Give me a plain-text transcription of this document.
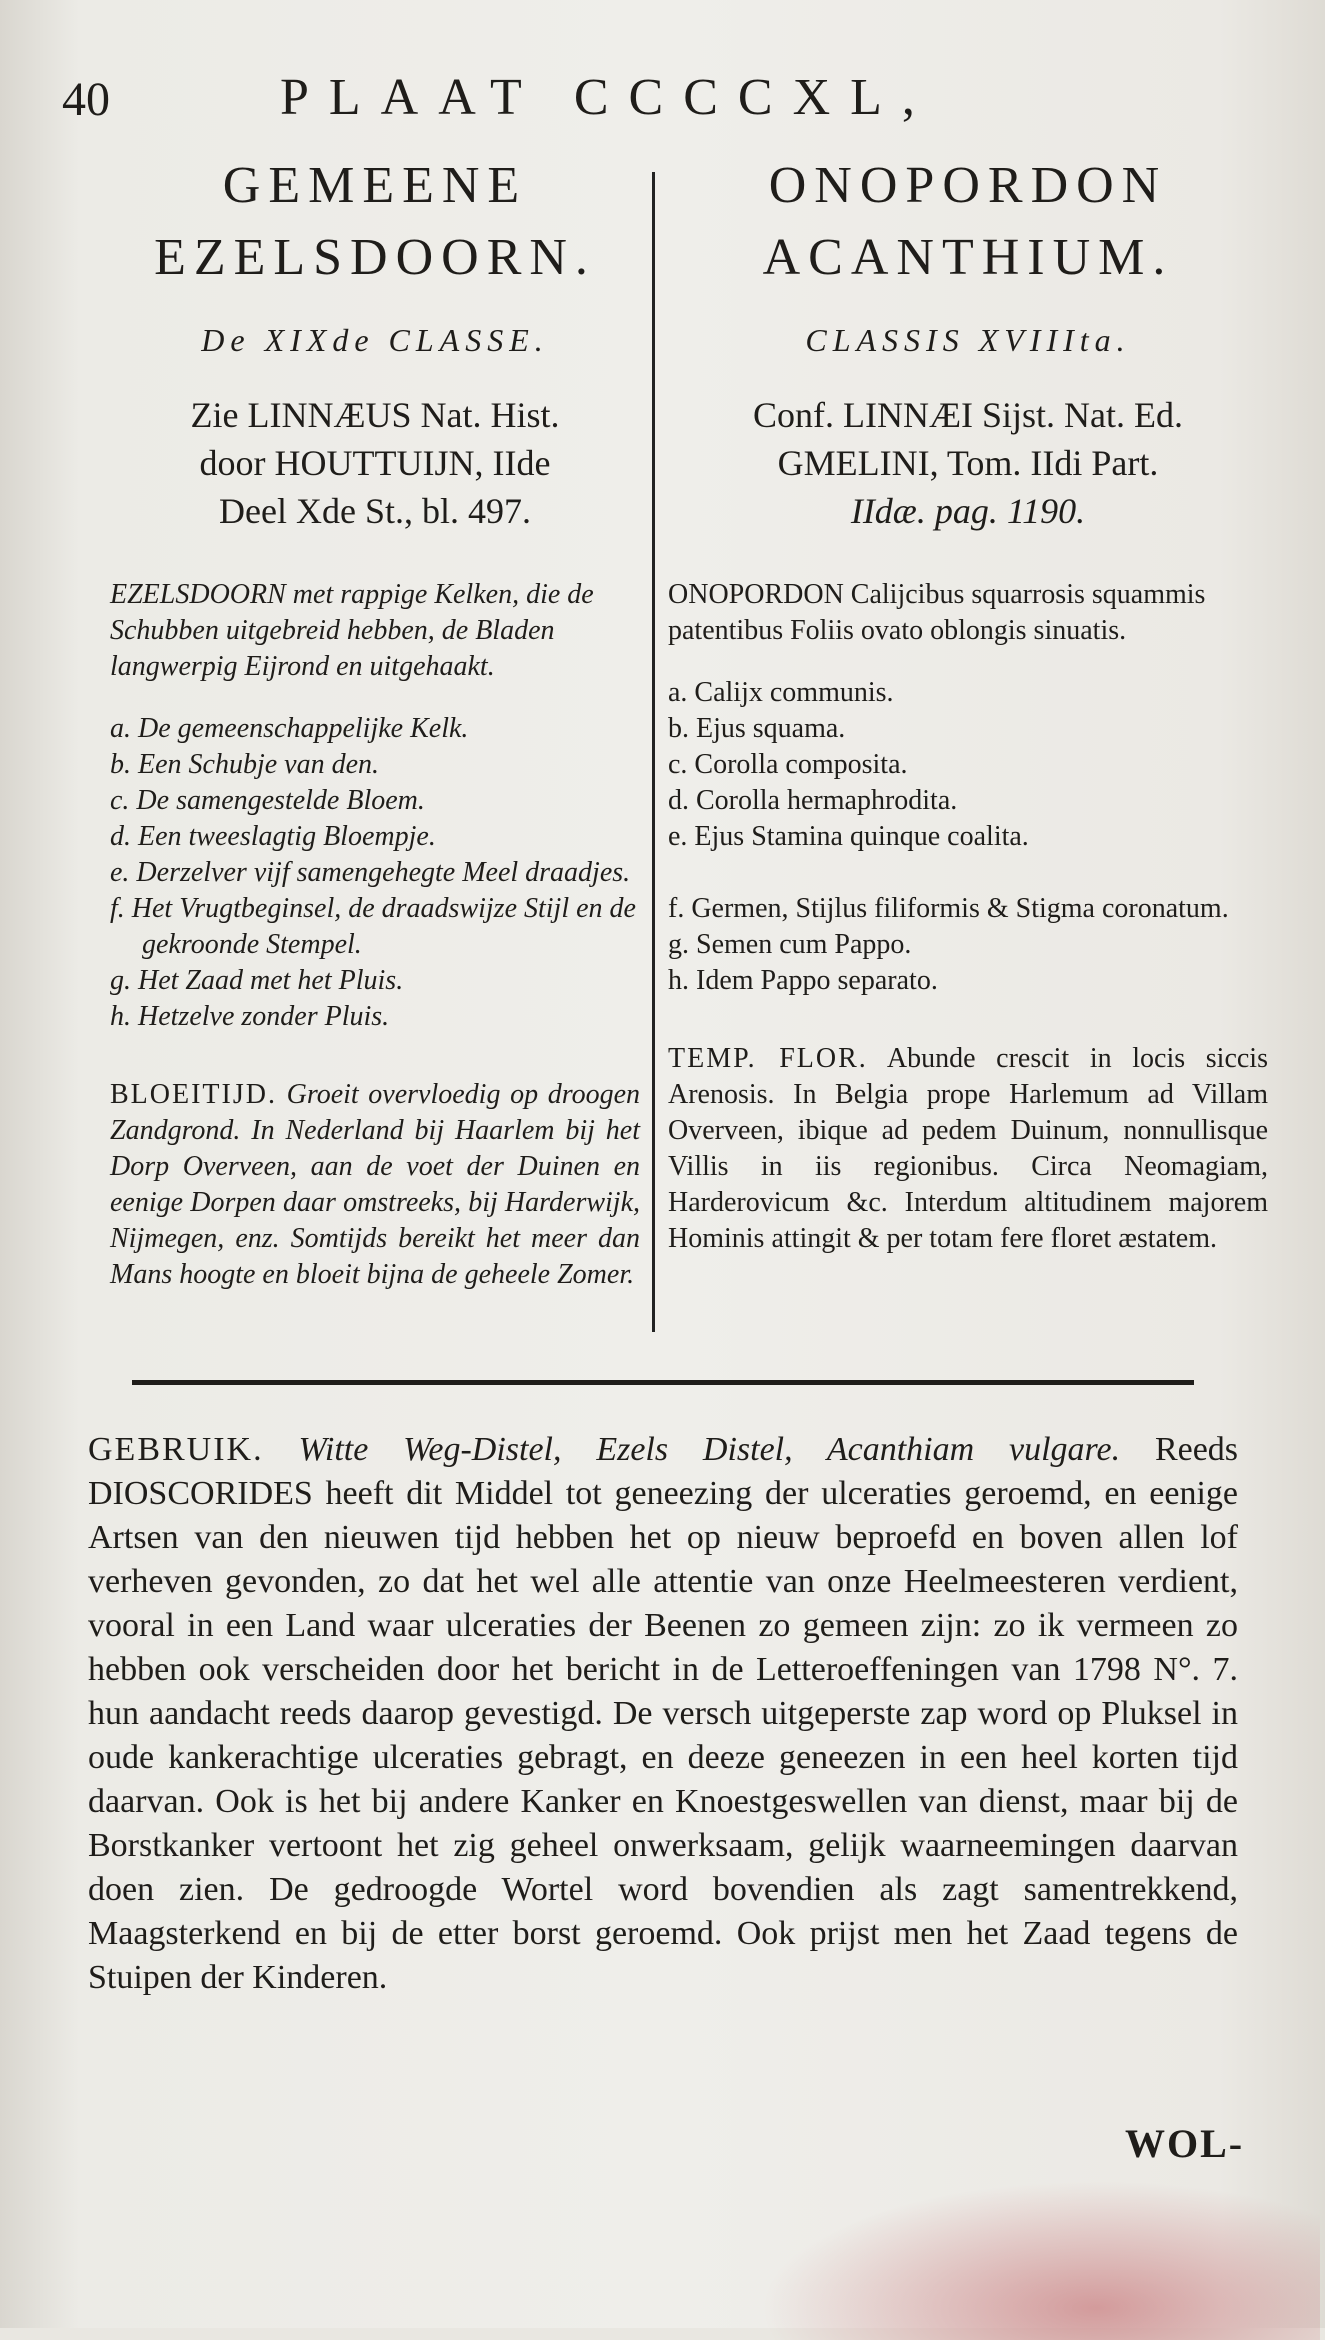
40	PLAAT CCCCXL,

GEMEENE

EZELSDOORN.

De XIXde CLASSE.
Zie LINNÆUS Nat. Hist.
door HOUTTUIJN, IIde
Deel Xde St., bl. 497.
EZELSDOORN met rappige Kelken, die de Schubben uitgebreid hebben, de Bladen langwerpig Eijrond en uitgehaakt.
a. De gemeenschappelijke Kelk.
b. Een Schubje van den.
c. De samengestelde Bloem.
d. Een tweeslagtig Bloempje.
e. Derzelver vijf samengehegte Meel draadjes.
f. Het Vrugtbeginsel, de draadswijze Stijl en de gekroonde Stempel.
g. Het Zaad met het Pluis.
h. Hetzelve zonder Pluis.
BLOEITIJD. Groeit overvloedig op droogen Zandgrond. In Nederland bij Haarlem bij het Dorp Overveen, aan de voet der Duinen en eenige Dorpen daar omstreeks, bij Harderwijk, Nijmegen, enz. Somtijds bereikt het meer dan Mans hoogte en bloeit bijna de geheele Zomer.

ONOPORDON

ACANTHIUM.

CLASSIS XVIIIta.
Conf. LINNÆI Sijst. Nat. Ed.
GMELINI, Tom. IIdi Part.
IIdæ. pag. 1190.
ONOPORDON Calijcibus squarrosis squammis patentibus Foliis ovato oblongis sinuatis.
a. Calijx communis.
b. Ejus squama.
c. Corolla composita.
d. Corolla hermaphrodita.
e. Ejus Stamina quinque coalita.
f. Germen, Stijlus filiformis & Stigma coronatum.
g. Semen cum Pappo.
h. Idem Pappo separato.
TEMP. FLOR. Abunde crescit in locis siccis Arenosis. In Belgia prope Harlemum ad Villam Overveen, ibique ad pedem Duinum, nonnullisque Villis in iis regionibus. Circa Neomagiam, Harderovicum &c. Interdum altitudinem majorem Hominis attingit & per totam fere floret æstatem.
GEBRUIK. Witte Weg-Distel, Ezels Distel, Acanthiam vulgare. Reeds DIOSCORIDES heeft dit Middel tot geneezing der ulceraties geroemd, en eenige Artsen van den nieuwen tijd hebben het op nieuw beproefd en boven allen lof verheven gevonden, zo dat het wel alle attentie van onze Heelmeesteren verdient, vooral in een Land waar ulceraties der Beenen zo gemeen zijn: zo ik vermeen zo hebben ook verscheiden door het bericht in de Letteroeffeningen van 1798 N°. 7. hun aandacht reeds daarop gevestigd. De versch uitgeperste zap word op Pluksel in oude kankerachtige ulceraties gebragt, en deeze geneezen in een heel korten tijd daarvan. Ook is het bij andere Kanker en Knoestgeswellen van dienst, maar bij de Borstkanker vertoont het zig geheel onwerksaam, gelijk waarneemingen daarvan doen zien. De gedroogde Wortel word bovendien als zagt samentrekkend, Maagsterkend en bij de etter borst geroemd. Ook prijst men het Zaad tegens de Stuipen der Kinderen.
WOL-
